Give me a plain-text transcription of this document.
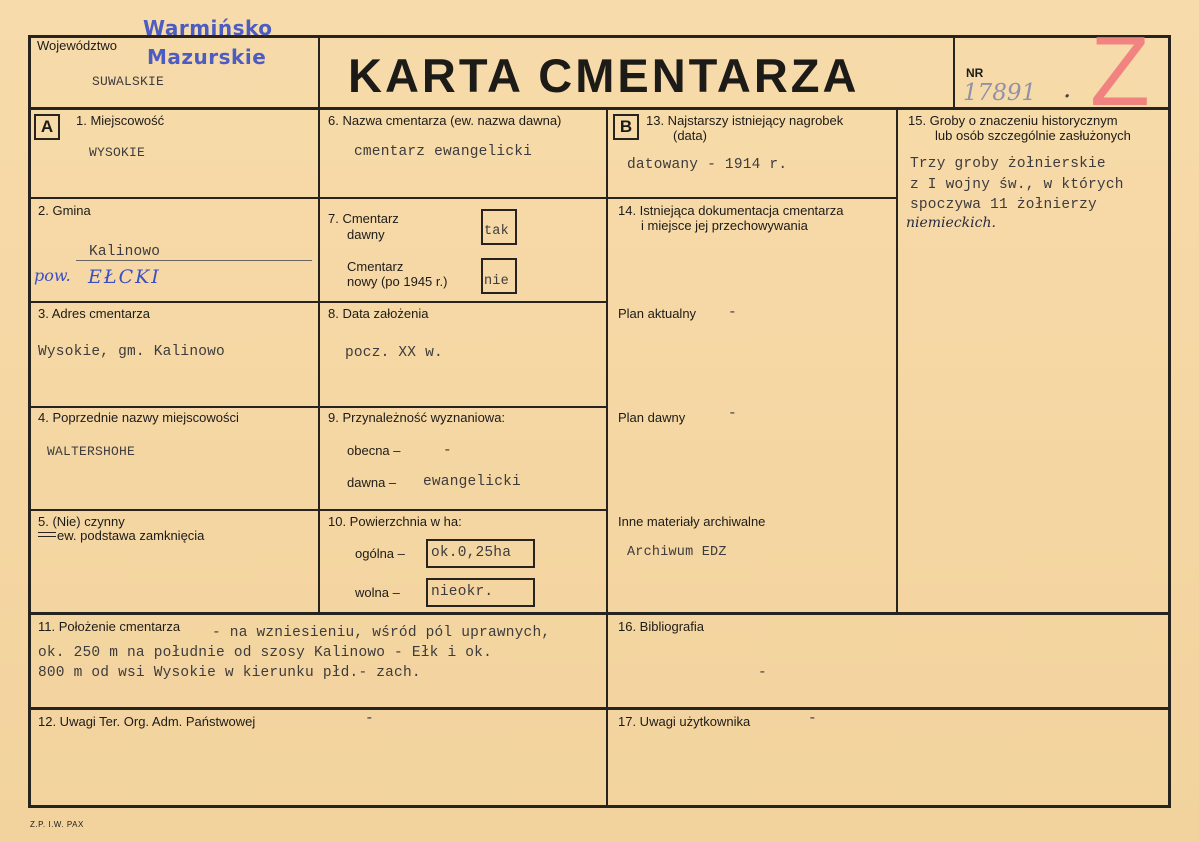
Województwo
SUWALSKIE
Warmińsko
Mazurskie KARTA CMENTARZA	NR
17891 . Z
A	B
1. Miejscowość
WYSOKIE
2. Gmina
Kalinowo
pow. EŁCKI
3. Adres cmentarza
Wysokie, gm. Kalinowo
4. Poprzednie nazwy miejscowości
WALTERSHOHE
5. (Nie) czynny
ew. podstawa zamknięcia
6. Nazwa cmentarza (ew. nazwa dawna)
cmentarz ewangelicki
7. Cmentarz
dawny	tak
Cmentarz
nowy (po 1945 r.)	nie
8. Data założenia
pocz. XX w.
9. Przynależność wyznaniowa:
obecna –	-
dawna – ewangelicki
10. Powierzchnia w ha:
ogólna – ok.0,25ha
wolna – nieokr.
13. Najstarszy istniejący nagrobek
(data)
datowany - 1914 r.
14. Istniejąca dokumentacja cmentarza
i miejsce jej przechowywania
Plan aktualny -
Plan dawny	-
Inne materiały archiwalne
Archiwum EDZ
15. Groby o znaczeniu historycznym
lub osób szczególnie zasłużonych
Trzy groby żołnierskie
z I wojny św., w których
spoczywa 11 żołnierzy
niemieckich.
11. Położenie cmentarza - na wzniesieniu, wśród pól uprawnych,
ok. 250 m na południe od szosy Kalinowo - Ełk i ok.
800 m od wsi Wysokie w kierunku płd.- zach.
16. Bibliografia
-
12. Uwagi Ter. Org. Adm. Państwowej	-	17. Uwagi użytkownika	-
Z.P. I.W. PAX
